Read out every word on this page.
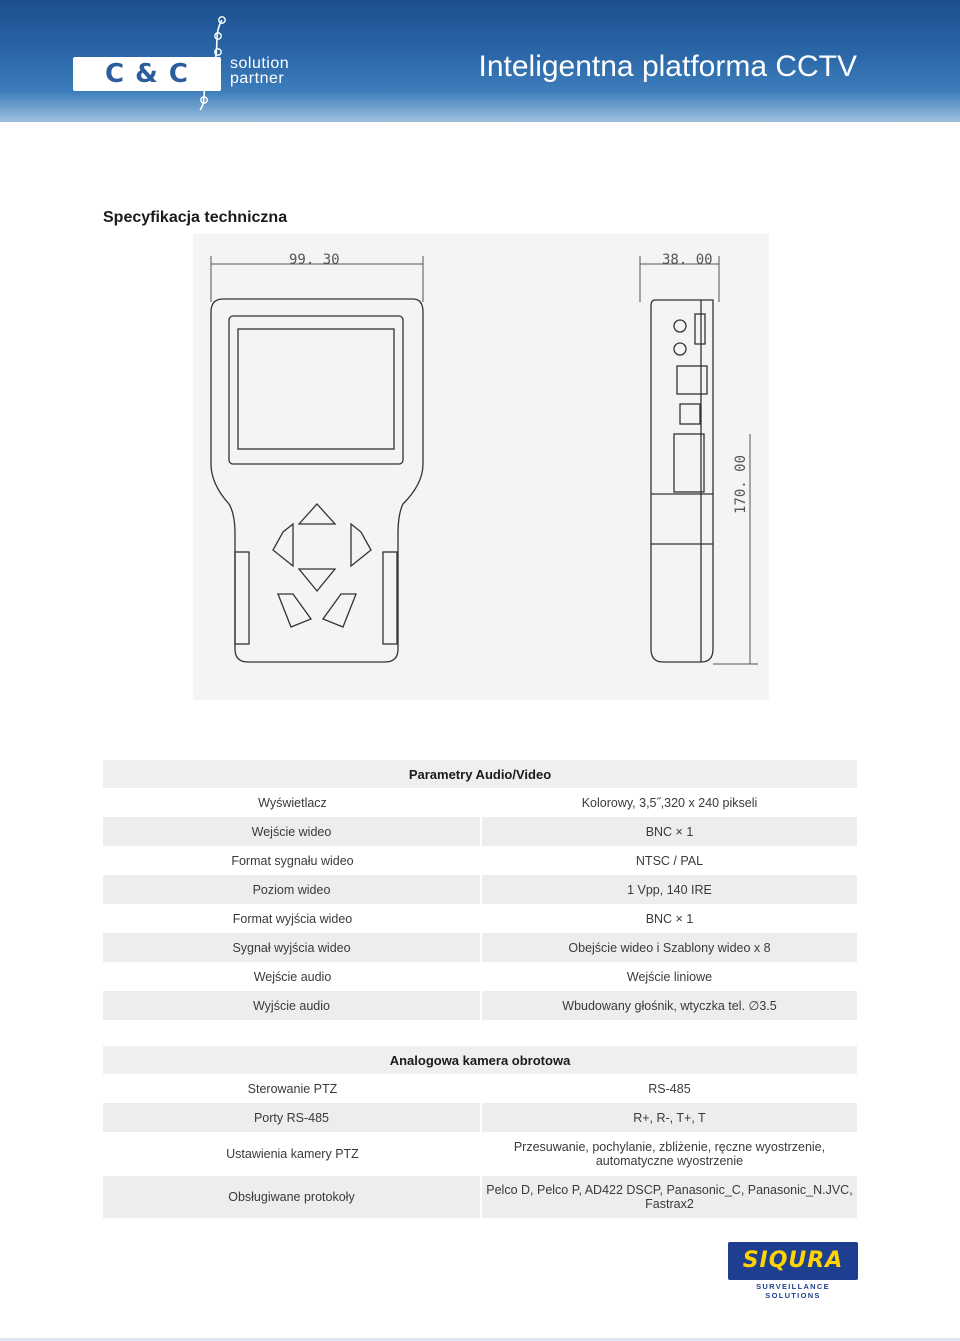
C & C	solution
partner	Inteligentna platforma CCTV
Specyfikacja techniczna
99. 30	38. 00
170. 00
Parametry Audio/Video	
Wyświetlacz	Kolorowy, 3,5˝,320 x 240 pikseli
Wejście wideo	BNC × 1
Format sygnału wideo	NTSC / PAL
Poziom wideo	1 Vpp, 140 IRE
Format wyjścia wideo	BNC × 1
Sygnał wyjścia wideo	Obejście wideo i Szablony wideo x 8
Wejście audio	Wejście liniowe
Wyjście audio	Wbudowany głośnik, wtyczka tel. ∅3.5
Analogowa kamera obrotowa	
Sterowanie PTZ	RS-485
Porty RS-485	R+, R-, T+, T
Ustawienia kamery PTZ	Przesuwanie, pochylanie, zbliżenie, ręczne wyostrzenie, automatyczne wyostrzenie
Obsługiwane protokoły	Pelco D, Pelco P, AD422 DSCP, Panasonic_C, Panasonic_N.JVC, Fastrax2
SIQURA
SURVEILLANCE SOLUTIONS
